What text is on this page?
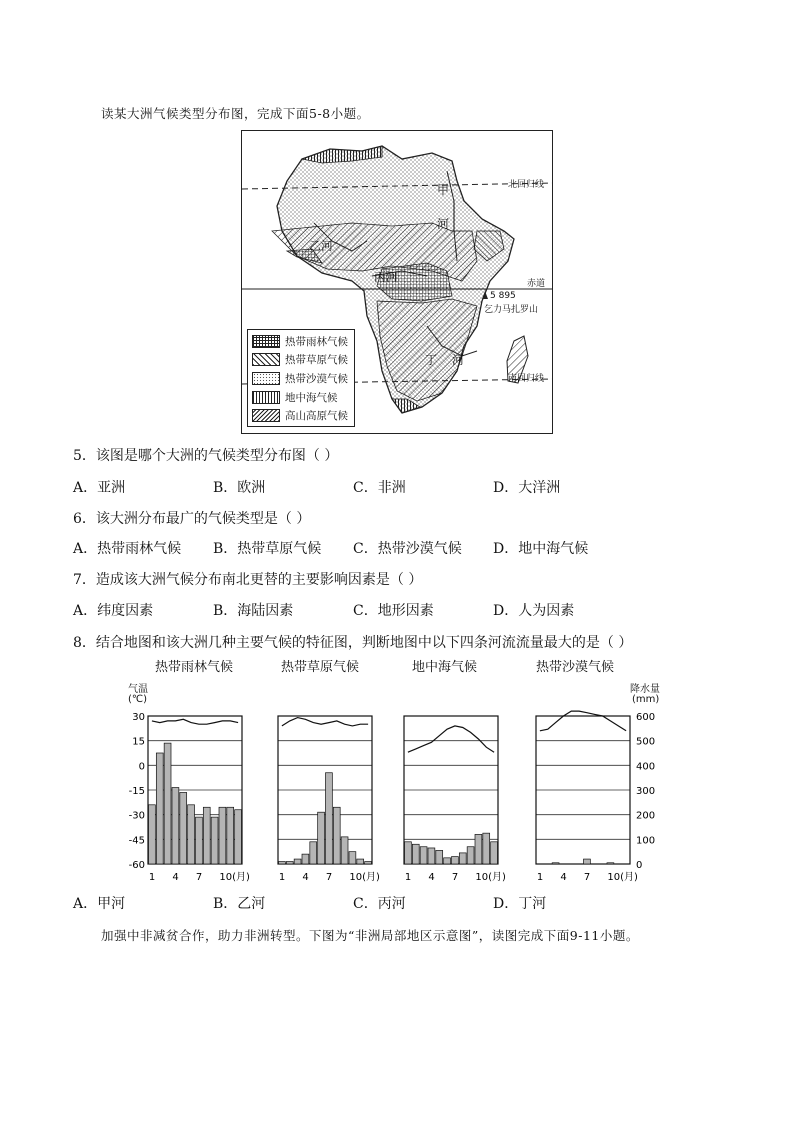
读某大洲气候类型分布图，完成下面5-8小题。
甲
河
乙河
丙河
丁 河
北回归线
赤道
南回归线
5 895
乞力马扎罗山
热带雨林气候
热带草原气候
热带沙漠气候
地中海气候
高山高原气候
5．该图是哪个大洲的气候类型分布图（ ）
A．亚洲	B．欧洲	C．非洲	D．大洋洲
6．该大洲分布最广的气候类型是（ ）
A．热带雨林气候 B．热带草原气候 C．热带沙漠气候 D．地中海气候
7．造成该大洲气候分布南北更替的主要影响因素是（ ）
A．纬度因素	B．海陆因素	C．地形因素	D．人为因素
8．结合地图和该大洲几种主要气候的特征图，判断地图中以下四条河流流量最大的是（ ）
热带雨林气候	热带草原气候	地中海气候	热带沙漠气候
气温
(℃)
降水量
(mm)
1 4 7 10(月)	1 4 7 10(月) 1 4 7 10(月)	1 4 7 10(月)
30
15
0
-15
-30
-45
-60
600
500
400
300
200
100
0
A．甲河	B．乙河	C．丙河	D．丁河
加强中非减贫合作，助力非洲转型。下图为“非洲局部地区示意图”，读图完成下面9-11小题。
